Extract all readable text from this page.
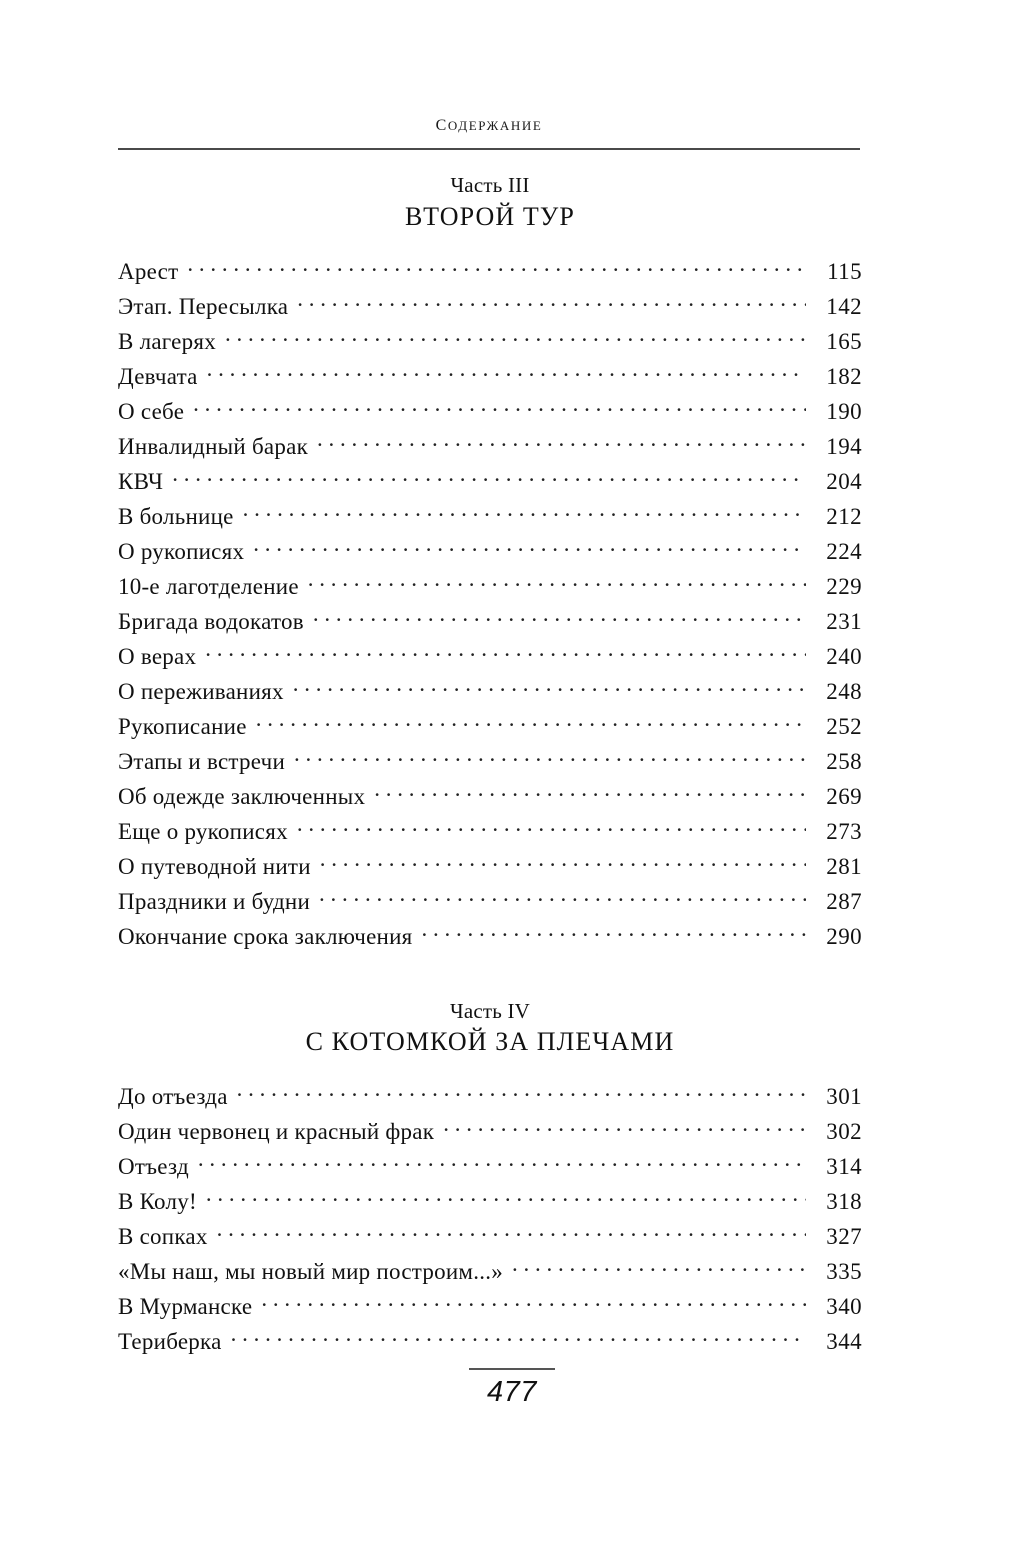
содержание
Часть III
ВТОРОЙ ТУР
Арест . . .	115
Этап. Пересылка . . .	142
В лагерях . . .	165
Девчата . . .	182
О себе . . .	190
Инвалидный барак . . .	194
КВЧ . . .	204
В больнице . . .	212
О рукописях . . .	224
10-е лаготделение . . .	229
Бригада водокатов . . .	231
О верах . . .	240
О переживаниях . . .	248
Рукописание . . .	252
Этапы и встречи . . .	258
Об одежде заключенных . . .	269
Еще о рукописях . . .	273
О путеводной нити . . .	281
Праздники и будни . . .	287
Окончание срока заключения . . .	290
Часть IV
С КОТОМКОЙ ЗА ПЛЕЧАМИ
До отъезда . . .	301
Один червонец и красный фрак . . .	302
Отъезд . . .	314
В Колу! . . .	318
В сопках . . .	327
«Мы наш, мы новый мир построим...» . . .	335
В Мурманске . . .	340
Териберка . . .	344
477
